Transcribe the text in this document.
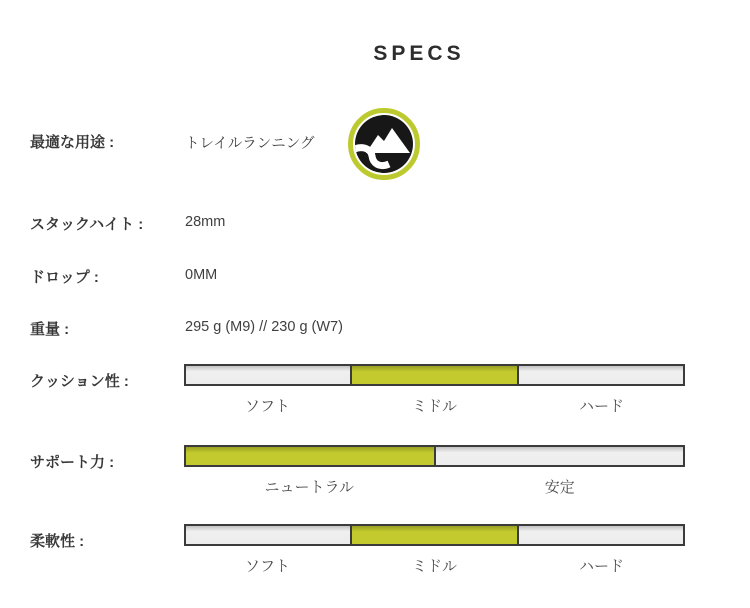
SPECS
最適な用途 :	トレイルランニング
スタックハイト :	28mm
ドロップ :	0MM
重量 :	295 g (M9) // 230 g (W7)
クッション性 :
ソフト	ミドル	ハード
サポート力 :
ニュートラル	安定
柔軟性 :
ソフト	ミドル	ハード
